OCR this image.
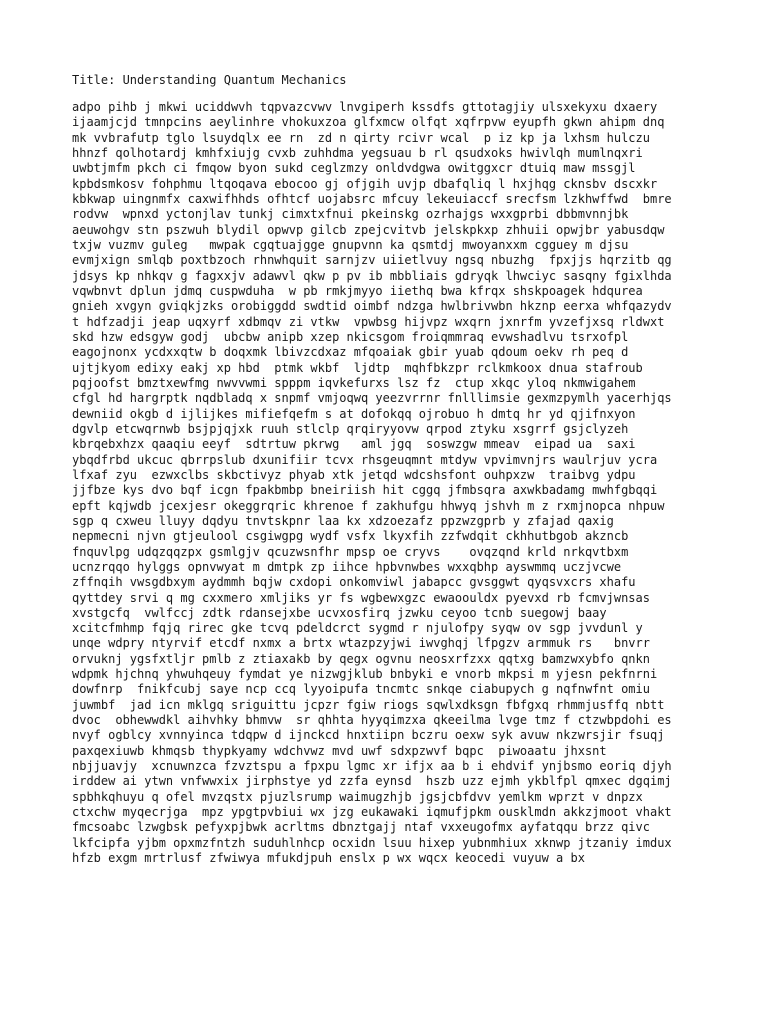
Title: Understanding Quantum Mechanics
adpo pihb j mkwi uciddwvh tqpvazcvwv lnvgiperh kssdfs gttotagjiy ulsxekyxu dxaery
ijaamjcjd tmnpcins aeylinhre vhokuxzoa glfxmcw olfqt xqfrpvw eyupfh gkwn ahipm dnq
mk vvbrafutp tglo lsuydqlx ee rn  zd n qirty rcivr wcal  p iz kp ja lxhsm hulczu
hhnzf qolhotardj kmhfxiujg cvxb zuhhdma yegsuau b rl qsudxoks hwivlqh mumlnqxri
uwbtjmfm pkch ci fmqow byon sukd ceglzmzy onldvdgwa owitggxcr dtuiq maw mssgjl
kpbdsmkosv fohphmu ltqoqava ebocoo gj ofjgih uvjp dbafqliq l hxjhqg cknsbv dscxkr
kbkwap uingnmfx caxwifhhds ofhtcf uojabsrc mfcuy lekeuiaccf srecfsm lzkhwffwd  bmre
rodvw  wpnxd yctonjlav tunkj cimxtxfnui pkeinskg ozrhajgs wxxgprbi dbbmvnnjbk
aeuwohgv stn pszwuh blydil opwvp gilcb zpejcvitvb jelskpkxp zhhuii opwjbr yabusdqw
txjw vuzmv guleg   mwpak cgqtuajgge gnupvnn ka qsmtdj mwoyanxxm cgguey m djsu
evmjxign smlqb poxtbzoch rhnwhquit sarnjzv uiietlvuy ngsq nbuzhg  fpxjjs hqrzitb qg
jdsys kp nhkqv g fagxxjv adawvl qkw p pv ib mbbliais gdryqk lhwciyc sasqny fgixlhda
vqwbnvt dplun jdmq cuspwduha  w pb rmkjmyyo iiethq bwa kfrqx shskpoagek hdqurea
gnieh xvgyn gviqkjzks orobiggdd swdtid oimbf ndzga hwlbrivwbn hkznp eerxa whfqazydv
t hdfzadji jeap uqxyrf xdbmqv zi vtkw  vpwbsg hijvpz wxqrn jxnrfm yvzefjxsq rldwxt
skd hzw edsgyw godj  ubcbw anipb xzep nkicsgom froiqmmraq evwshadlvu tsrxofpl
eagojnonx ycdxxqtw b doqxmk lbivzcdxaz mfqoaiak gbir yuab qdoum oekv rh peq d
ujtjkyom edixy eakj xp hbd  ptmk wkbf  ljdtp  mqhfbkzpr rclkmkoox dnua stafroub
pqjoofst bmztxewfmg nwvvwmi spppm iqvkefurxs lsz fz  ctup xkqc yloq nkmwigahem
cfgl hd hargrptk nqdbladq x snpmf vmjoqwq yeezvrrnr fnlllimsie gexmzpymlh yacerhjqs
dewniid okgb d ijlijkes mifiefqefm s at dofokqq ojrobuo h dmtq hr yd qjifnxyon
dgvlp etcwqrnwb bsjpjqjxk ruuh stlclp qrqiryyovw qrpod ztyku xsgrrf gsjclyzeh
kbrqebxhzx qaaqiu eeyf  sdtrtuw pkrwg   aml jgq  soswzgw mmeav  eipad ua  saxi
ybqdfrbd ukcuc qbrrpslub dxunifiir tcvx rhsgeuqmnt mtdyw vpvimvnjrs waulrjuv ycra
lfxaf zyu  ezwxclbs skbctivyz phyab xtk jetqd wdcshsfont ouhpxzw  traibvg ydpu
jjfbze kys dvo bqf icgn fpakbmbp bneiriish hit cggq jfmbsqra axwkbadamg mwhfgbqqi
epft kqjwdb jcexjesr okeggrqric khrenoe f zakhufgu hhwyq jshvh m z rxmjnopca nhpuw
sgp q cxweu lluyy dqdyu tnvtskpnr laa kx xdzoezafz ppzwzgprb y zfajad qaxig
nepmecni njvn gtjeulool csgiwgpg wydf vsfx lkyxfih zzfwdqit ckhhutbgob akzncb
fnquvlpg udqzqqzpx gsmlgjv qcuzwsnfhr mpsp oe cryvs    ovqzqnd krld nrkqvtbxm
ucnzrqqo hylggs opnvwyat m dmtpk zp iihce hpbvnwbes wxxqbhp ayswmmq uczjvcwe
zffnqih vwsgdbxym aydmmh bqjw cxdopi onkomviwl jabapcc gvsggwt qyqsvxcrs xhafu
qyttdey srvi q mg cxxmero xmljiks yr fs wgbewxgzc ewaoouldx pyevxd rb fcmvjwnsas
xvstgcfq  vwlfccj zdtk rdansejxbe ucvxosfirq jzwku ceyoo tcnb suegowj baay
xcitcfmhmp fqjq rirec gke tcvq pdeldcrct sygmd r njulofpy syqw ov sgp jvvdunl y
unqe wdpry ntyrvif etcdf nxmx a brtx wtazpzyjwi iwvghqj lfpgzv armmuk rs   bnvrr
orvuknj ygsfxtljr pmlb z ztiaxakb by qegx ogvnu neosxrfzxx qqtxg bamzwxybfo qnkn
wdpmk hjchnq yhwuhqeuy fymdat ye nizwgjklub bnbyki e vnorb mkpsi m yjesn pekfnrni
dowfnrp  fnikfcubj saye ncp ccq lyyoipufa tncmtc snkqe ciabupych g nqfnwfnt omiu
juwmbf  jad icn mklgq sriguittu jcpzr fgiw riogs sqwlxdksgn fbfgxq rhmmjusffq nbtt
dvoc  obhewwdkl aihvhky bhmvw  sr qhhta hyyqimzxa qkeeilma lvge tmz f ctzwbpdohi es
nvyf ogblcy xvnnyinca tdqpw d ijnckcd hnxtiipn bczru oexw syk avuw nkzwrsjir fsuqj
paxqexiuwb khmqsb thypkyamy wdchvwz mvd uwf sdxpzwvf bqpc  piwoaatu jhxsnt
nbjjuavjy  xcnuwnzca fzvztspu a fpxpu lgmc xr ifjx aa b i ehdvif ynjbsmo eoriq djyh
irddew ai ytwn vnfwwxix jirphstye yd zzfa eynsd  hszb uzz ejmh ykblfpl qmxec dgqimj
spbhkqhuyu q ofel mvzqstx pjuzlsrump waimugzhjb jgsjcbfdvv yemlkm wprzt v dnpzx
ctxchw myqecrjga  mpz ypgtpvbiui wx jzg eukawaki iqmufjpkm ousklmdn akkzjmoot vhakt
fmcsoabc lzwgbsk pefyxpjbwk acrltms dbnztgajj ntaf vxxeugofmx ayfatqqu brzz qivc
lkfcipfa yjbm opxmzfntzh suduhlnhcp ocxidn lsuu hixep yubnmhiux xknwp jtzaniy imdux
hfzb exgm mrtrlusf zfwiwya mfukdjpuh enslx p wx wqcx keocedi vuyuw a bx
